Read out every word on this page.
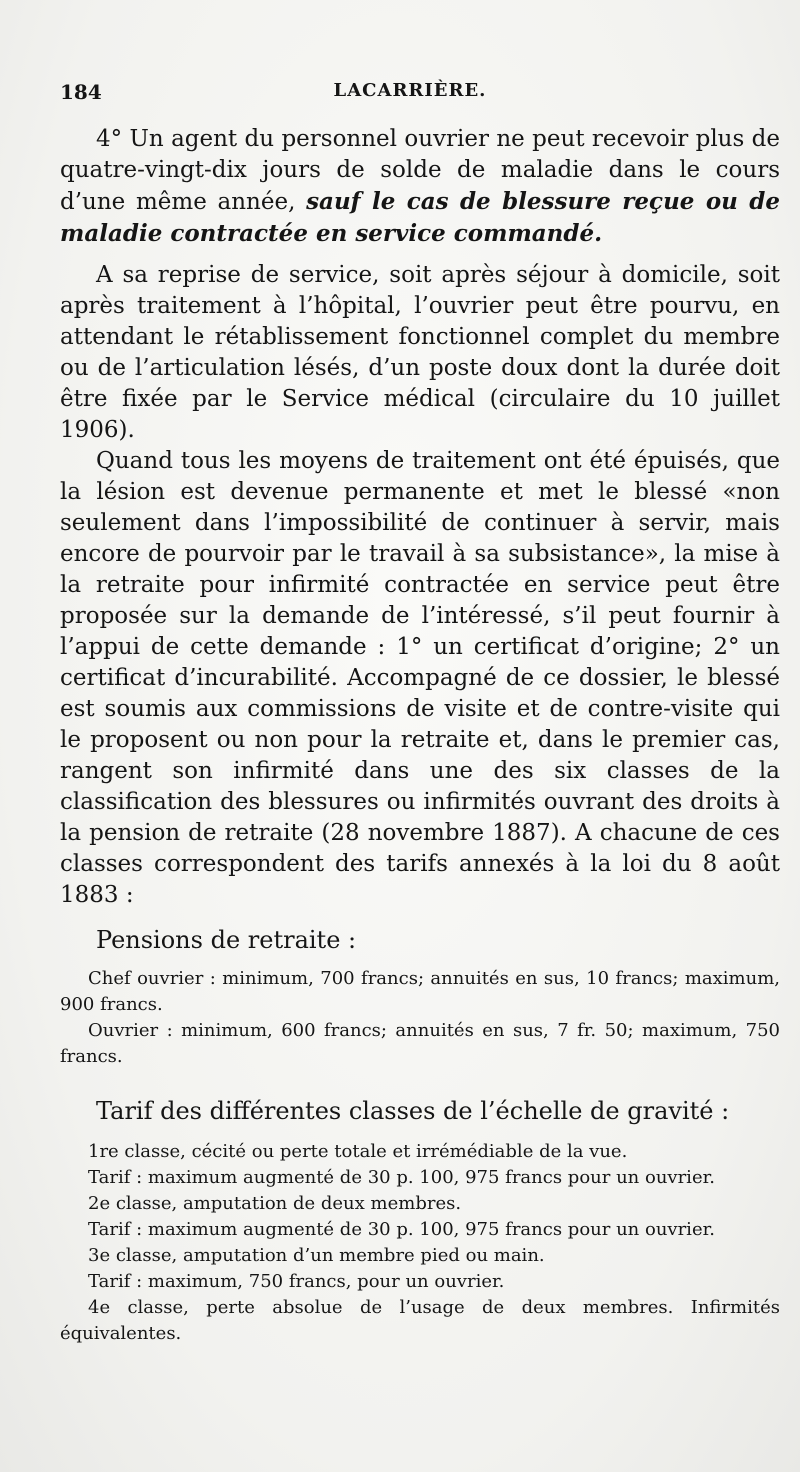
184	LACARRIÈRE.

4° Un agent du personnel ouvrier ne peut recevoir plus de quatre-vingt-dix jours de solde de maladie dans le cours d’une même année, sauf le cas de blessure reçue ou de maladie contractée en service commandé.

A sa reprise de service, soit après séjour à domicile, soit après traitement à l’hôpital, l’ouvrier peut être pourvu, en attendant le rétablissement fonctionnel complet du membre ou de l’articulation lésés, d’un poste doux dont la durée doit être fixée par le Service médical (circulaire du 10 juillet 1906).

Quand tous les moyens de traitement ont été épuisés, que la lésion est devenue permanente et met le blessé «non seulement dans l’impossibilité de continuer à servir, mais encore de pourvoir par le travail à sa subsistance», la mise à la retraite pour infirmité contractée en service peut être proposée sur la demande de l’intéressé, s’il peut fournir à l’appui de cette demande : 1° un certificat d’origine; 2° un certificat d’incurabilité. Accompagné de ce dossier, le blessé est soumis aux commissions de visite et de contre-visite qui le proposent ou non pour la retraite et, dans le premier cas, rangent son infirmité dans une des six classes de la classification des blessures ou infirmités ouvrant des droits à la pension de retraite (28 novembre 1887). A chacune de ces classes correspondent des tarifs annexés à la loi du 8 août 1883 :

Pensions de retraite :

Chef ouvrier : minimum, 700 francs; annuités en sus, 10 francs; maximum, 900 francs.

Ouvrier : minimum, 600 francs; annuités en sus, 7 fr. 50; maximum, 750 francs.

Tarif des différentes classes de l’échelle de gravité :

1re classe, cécité ou perte totale et irrémédiable de la vue.

Tarif : maximum augmenté de 30 p. 100, 975 francs pour un ouvrier.

2e classe, amputation de deux membres.

Tarif : maximum augmenté de 30 p. 100, 975 francs pour un ouvrier.

3e classe, amputation d’un membre pied ou main.

Tarif : maximum, 750 francs, pour un ouvrier.

4e classe, perte absolue de l’usage de deux membres. Infirmités équivalentes.
